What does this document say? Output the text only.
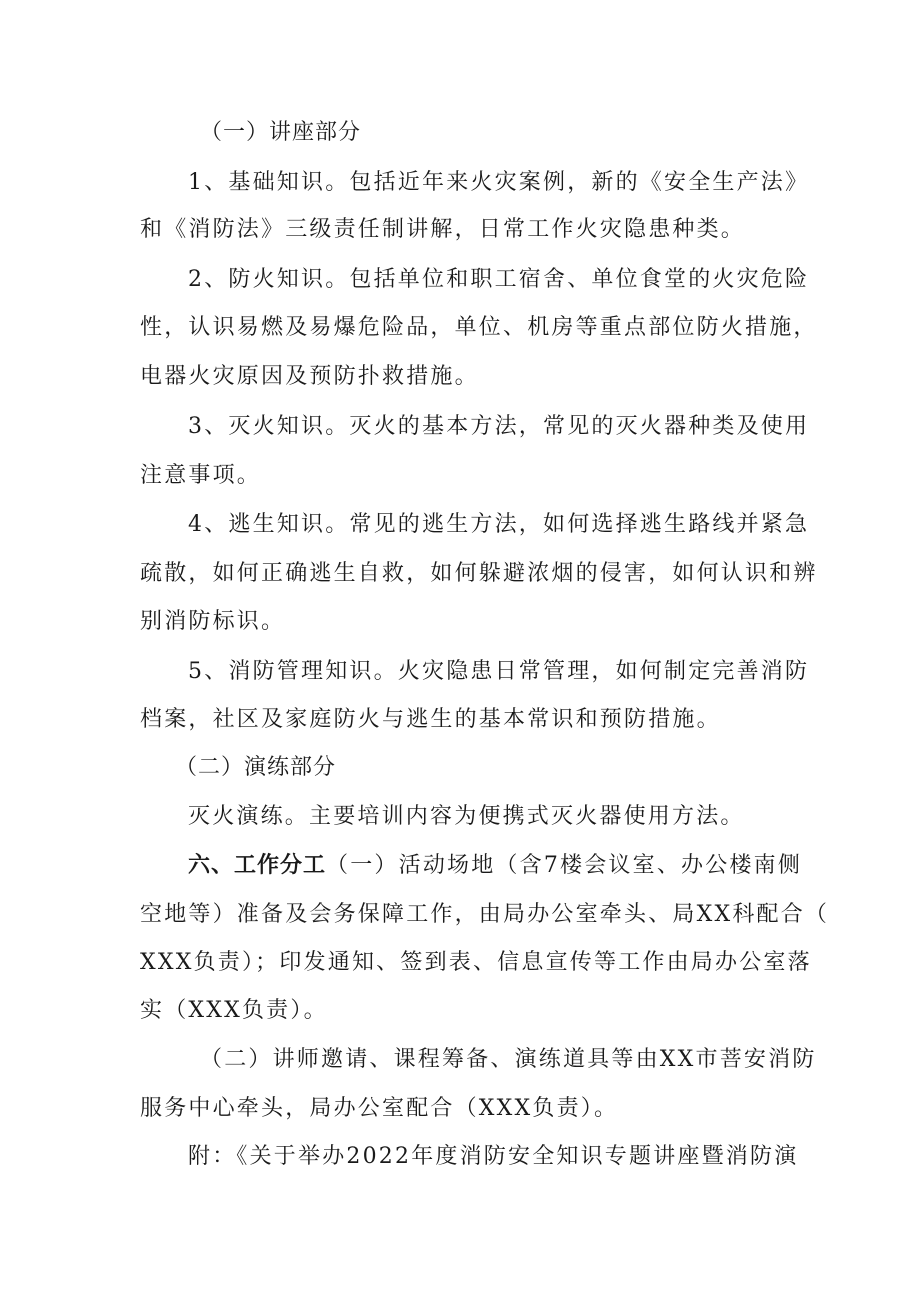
（一）讲座部分
1、基础知识。包括近年来火灾案例，新的《安全生产法》
和《消防法》三级责任制讲解，日常工作火灾隐患种类。
2、防火知识。包括单位和职工宿舍、单位食堂的火灾危险
性，认识易燃及易爆危险品，单位、机房等重点部位防火措施，
电器火灾原因及预防扑救措施。
3、灭火知识。灭火的基本方法，常见的灭火器种类及使用
注意事项。
4、逃生知识。常见的逃生方法，如何选择逃生路线并紧急
疏散，如何正确逃生自救，如何躲避浓烟的侵害，如何认识和辨
别消防标识。
5、消防管理知识。火灾隐患日常管理，如何制定完善消防
档案，社区及家庭防火与逃生的基本常识和预防措施。
（二）演练部分
灭火演练。主要培训内容为便携式灭火器使用方法。
六、工作分工（一）活动场地（含7楼会议室、办公楼南侧
空地等）准备及会务保障工作，由局办公室牵头、局XX科配合（
XXX负责）；印发通知、签到表、信息宣传等工作由局办公室落
实（XXX负责）。
（二）讲师邀请、课程筹备、演练道具等由XX市菩安消防
服务中心牵头，局办公室配合（XXX负责）。
附：《关于举办2022年度消防安全知识专题讲座暨消防演
